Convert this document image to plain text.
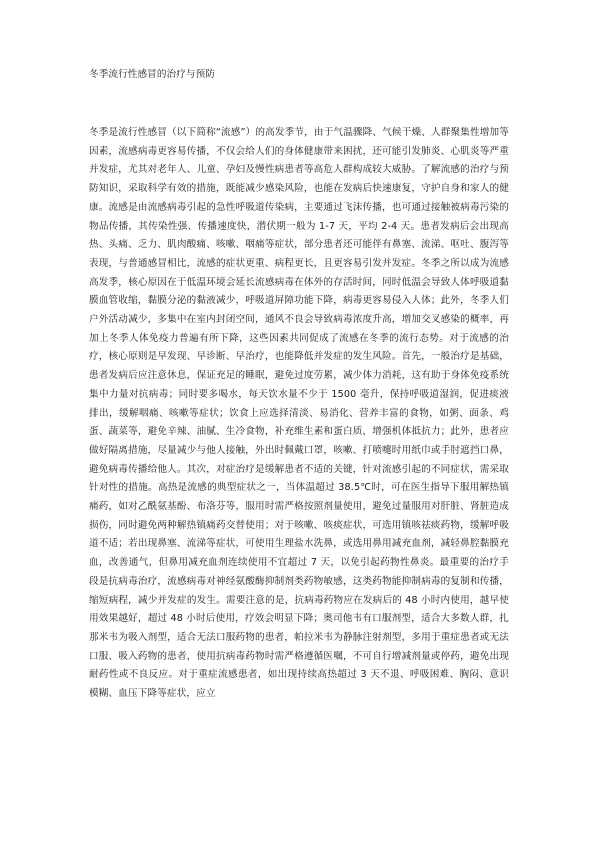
冬季流行性感冒的治疗与预防

冬季是流行性感冒（以下简称“流感”）的高发季节，由于气温骤降、气候干燥、人群聚集性增加等因素，流感病毒更容易传播，不仅会给人们的身体健康带来困扰，还可能引发肺炎、心肌炎等严重并发症，尤其对老年人、儿童、孕妇及慢性病患者等高危人群构成较大威胁。了解流感的治疗与预防知识，采取科学有效的措施，既能减少感染风险，也能在发病后快速康复，守护自身和家人的健康。流感是由流感病毒引起的急性呼吸道传染病，主要通过飞沫传播，也可通过接触被病毒污染的物品传播，其传染性强、传播速度快，潜伏期一般为 1-7 天，平均 2-4 天。患者发病后会出现高热、头痛、乏力、肌肉酸痛、咳嗽、咽痛等症状，部分患者还可能伴有鼻塞、流涕、呕吐、腹泻等表现，与普通感冒相比，流感的症状更重、病程更长，且更容易引发并发症。冬季之所以成为流感高发季，核心原因在于低温环境会延长流感病毒在体外的存活时间，同时低温会导致人体呼吸道黏膜血管收缩，黏膜分泌的黏液减少，呼吸道屏障功能下降，病毒更容易侵入人体；此外，冬季人们户外活动减少，多集中在室内封闭空间，通风不良会导致病毒浓度升高，增加交叉感染的概率，再加上冬季人体免疫力普遍有所下降，这些因素共同促成了流感在冬季的流行态势。对于流感的治疗，核心原则是早发现、早诊断、早治疗，也能降低并发症的发生风险。首先，一般治疗是基础，患者发病后应注意休息，保证充足的睡眠，避免过度劳累，减少体力消耗，这有助于身体免疫系统集中力量对抗病毒；同时要多喝水，每天饮水量不少于 1500 毫升，保持呼吸道湿润，促进痰液排出，缓解咽痛、咳嗽等症状；饮食上应选择清淡、易消化、营养丰富的食物，如粥、面条、鸡蛋、蔬菜等，避免辛辣、油腻、生冷食物，补充维生素和蛋白质，增强机体抵抗力；此外，患者应做好隔离措施，尽量减少与他人接触，外出时佩戴口罩，咳嗽、打喷嚏时用纸巾或手肘遮挡口鼻，避免病毒传播给他人。其次，对症治疗是缓解患者不适的关键，针对流感引起的不同症状，需采取针对性的措施。高热是流感的典型症状之一，当体温超过 38.5℃时，可在医生指导下服用解热镇痛药，如对乙酰氨基酚、布洛芬等，服用时需严格按照剂量使用，避免过量服用对肝脏、肾脏造成损伤，同时避免两种解热镇痛药交替使用；对于咳嗽、咳痰症状，可选用镇咳祛痰药物，缓解呼吸道不适；若出现鼻塞、流涕等症状，可使用生理盐水洗鼻，或选用鼻用减充血剂，减轻鼻腔黏膜充血，改善通气，但鼻用减充血剂连续使用不宜超过 7 天，以免引起药物性鼻炎。最重要的治疗手段是抗病毒治疗，流感病毒对神经氨酸酶抑制剂类药物敏感，这类药物能抑制病毒的复制和传播，缩短病程，减少并发症的发生。需要注意的是，抗病毒药物应在发病后的 48 小时内使用，越早使用效果越好，超过 48 小时后使用，疗效会明显下降；奥司他韦有口服剂型，适合大多数人群，扎那米韦为吸入剂型，适合无法口服药物的患者，帕拉米韦为静脉注射剂型，多用于重症患者或无法口服、吸入药物的患者，使用抗病毒药物时需严格遵循医嘱，不可自行增减剂量或停药，避免出现耐药性或不良反应。对于重症流感患者，如出现持续高热超过 3 天不退、呼吸困难、胸闷、意识模糊、血压下降等症状，应立
